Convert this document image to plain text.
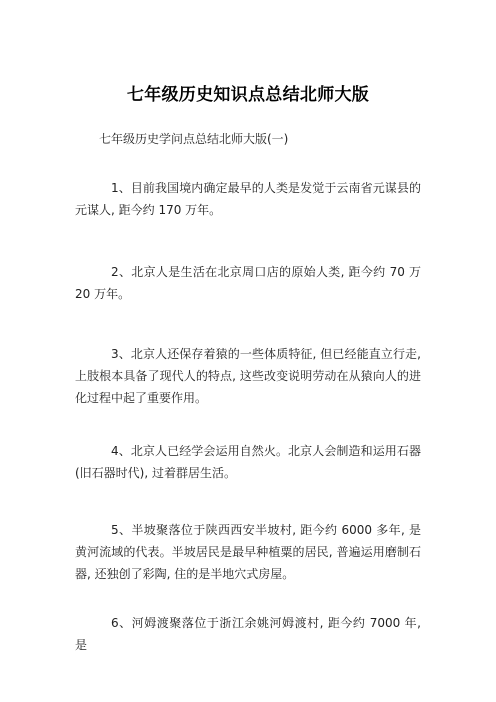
七年级历史知识点总结北师大版
七年级历史学问点总结北师大版(一)

1、目前我国境内确定最早的人类是发觉于云南省元谋县的元谋人, 距今约 170 万年。

2、北京人是生活在北京周口店的原始人类, 距今约 70 万 20 万年。

3、北京人还保存着猿的一些体质特征, 但已经能直立行走, 上肢根本具备了现代人的特点, 这些改变说明劳动在从猿向人的进化过程中起了重要作用。

4、北京人已经学会运用自然火。北京人会制造和运用石器(旧石器时代), 过着群居生活。

5、半坡聚落位于陕西西安半坡村, 距今约 6000 多年, 是黄河流域的代表。半坡居民是最早种植粟的居民, 普遍运用磨制石器, 还独创了彩陶, 住的是半地穴式房屋。

6、河姆渡聚落位于浙江余姚河姆渡村, 距今约 7000 年, 是
